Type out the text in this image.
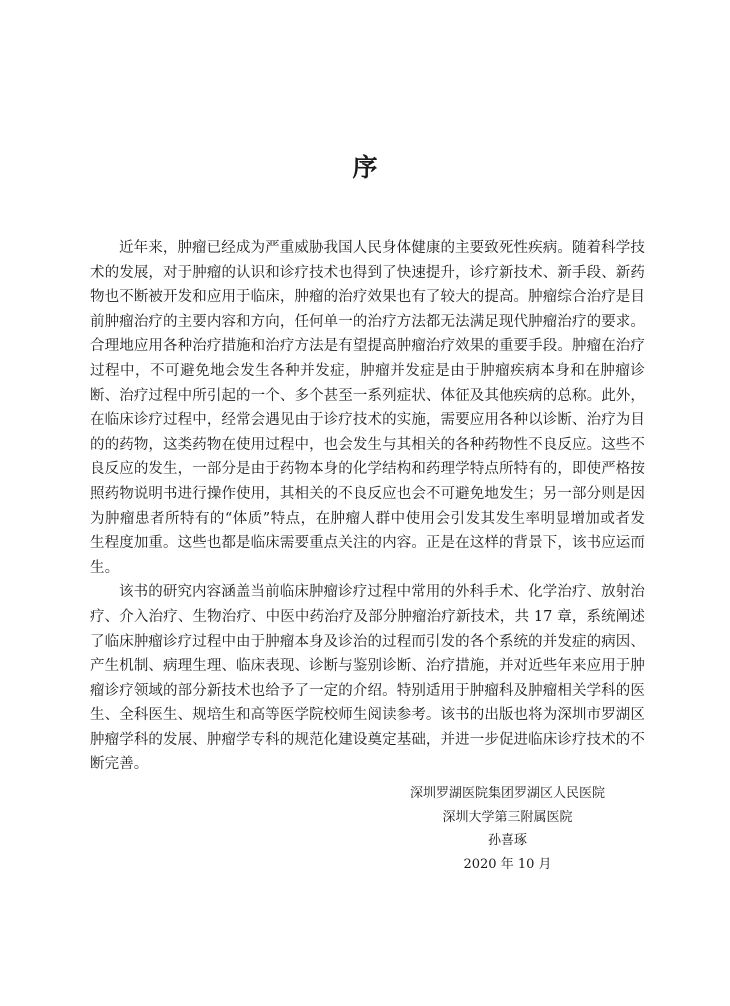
序

近年来，肿瘤已经成为严重威胁我国人民身体健康的主要致死性疾病。随着科学技术的发展，对于肿瘤的认识和诊疗技术也得到了快速提升，诊疗新技术、新手段、新药物也不断被开发和应用于临床，肿瘤的治疗效果也有了较大的提高。肿瘤综合治疗是目前肿瘤治疗的主要内容和方向，任何单一的治疗方法都无法满足现代肿瘤治疗的要求。合理地应用各种治疗措施和治疗方法是有望提高肿瘤治疗效果的重要手段。肿瘤在治疗过程中，不可避免地会发生各种并发症，肿瘤并发症是由于肿瘤疾病本身和在肿瘤诊断、治疗过程中所引起的一个、多个甚至一系列症状、体征及其他疾病的总称。此外，在临床诊疗过程中，经常会遇见由于诊疗技术的实施，需要应用各种以诊断、治疗为目的的药物，这类药物在使用过程中，也会发生与其相关的各种药物性不良反应。这些不良反应的发生，一部分是由于药物本身的化学结构和药理学特点所特有的，即使严格按照药物说明书进行操作使用，其相关的不良反应也会不可避免地发生；另一部分则是因为肿瘤患者所特有的“体质”特点，在肿瘤人群中使用会引发其发生率明显增加或者发生程度加重。这些也都是临床需要重点关注的内容。正是在这样的背景下，该书应运而生。

该书的研究内容涵盖当前临床肿瘤诊疗过程中常用的外科手术、化学治疗、放射治疗、介入治疗、生物治疗、中医中药治疗及部分肿瘤治疗新技术，共 17 章，系统阐述了临床肿瘤诊疗过程中由于肿瘤本身及诊治的过程而引发的各个系统的并发症的病因、产生机制、病理生理、临床表现、诊断与鉴别诊断、治疗措施，并对近些年来应用于肿瘤诊疗领域的部分新技术也给予了一定的介绍。特别适用于肿瘤科及肿瘤相关学科的医生、全科医生、规培生和高等医学院校师生阅读参考。该书的出版也将为深圳市罗湖区肿瘤学科的发展、肿瘤学专科的规范化建设奠定基础，并进一步促进临床诊疗技术的不断完善。

深圳罗湖医院集团罗湖区人民医院
深圳大学第三附属医院
孙喜琢
2020 年 10 月
